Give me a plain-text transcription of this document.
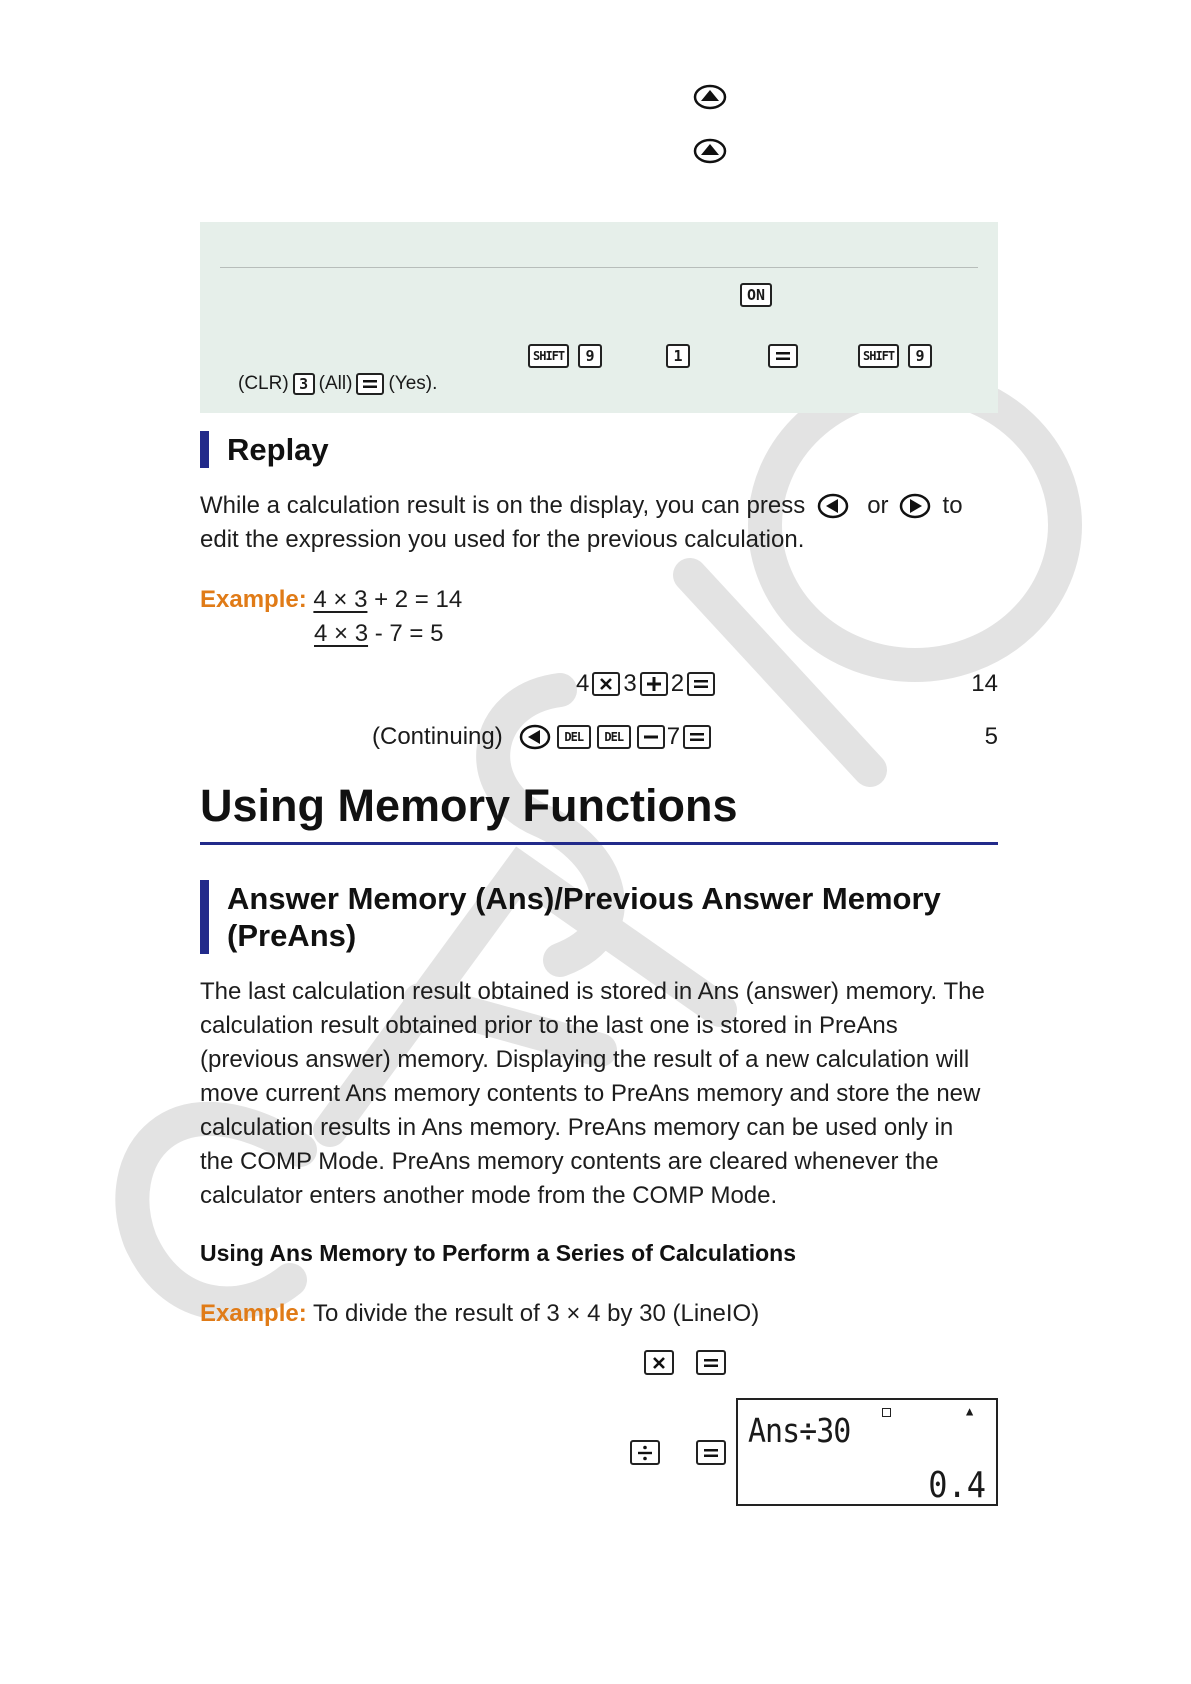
ON
SHIFT	9	1	SHIFT	9
(CLR) 3 (All) (Yes).
Replay
While a calculation result is on the display, you can press	or to
edit the expression you used for the previous calculation.
Example: 4 × 3 + 2 = 14
4 × 3 - 7 = 5
4 3 2	14
(Continuing)	DEL	DEL	7	5
Using Memory Functions
Answer Memory (Ans)/Previous Answer Memory
(PreAns)
The last calculation result obtained is stored in Ans (answer) memory. The
calculation result obtained prior to the last one is stored in PreAns
(previous answer) memory. Displaying the result of a new calculation will
move current Ans memory contents to PreAns memory and store the new
calculation results in Ans memory. PreAns memory can be used only in
the COMP Mode. PreAns memory contents are cleared whenever the
calculator enters another mode from the COMP Mode.
Using Ans Memory to Perform a Series of Calculations
Example: To divide the result of 3 × 4 by 30 (LineIO)
▲
Ans÷30
0.4
